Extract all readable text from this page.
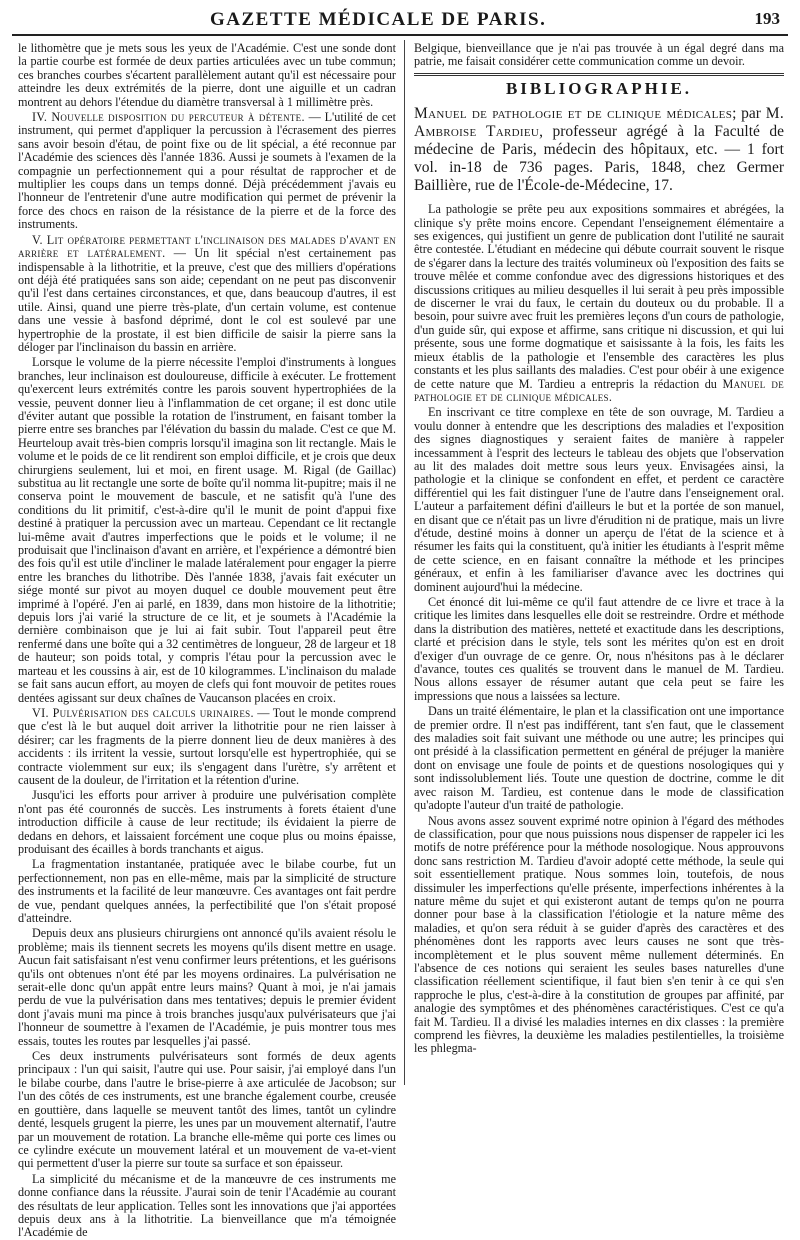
GAZETTE MÉDICALE DE PARIS.	193

le lithomètre que je mets sous les yeux de l'Académie. C'est une sonde dont la partie courbe est formée de deux parties articulées avec un tube commun; ces branches courbes s'écartent parallèlement autant qu'il est nécessaire pour atteindre les deux extrémités de la pierre, dont une aiguille et un cadran montrent au dehors l'étendue du diamètre transversal à 1 millimètre près.

IV. Nouvelle disposition du percuteur à détente. — L'utilité de cet instrument, qui permet d'appliquer la percussion à l'écrasement des pierres sans avoir besoin d'étau, de point fixe ou de lit spécial, a été reconnue par l'Académie des sciences dès l'année 1836. Aussi je soumets à l'examen de la compagnie un perfectionnement qui a pour résultat de rapprocher et de multiplier les coups dans un temps donné. Déjà précédemment j'avais eu l'honneur de l'entretenir d'une autre modification qui permet de prévenir la force des chocs en raison de la résistance de la pierre et de la force des instruments.

V. Lit opératoire permettant l'inclinaison des malades d'avant en arrière et latéralement. — Un lit spécial n'est certainement pas indispensable à la lithotritie, et la preuve, c'est que des milliers d'opérations ont déjà été pratiquées sans son aide; cependant on ne peut pas disconvenir qu'il l'est dans certaines circonstances, et que, dans beaucoup d'autres, il est utile. Ainsi, quand une pierre très-plate, d'un certain volume, est contenue dans une vessie à basfond déprimé, dont le col est soulevé par une hypertrophie de la prostate, il est bien difficile de saisir la pierre sans la déloger par l'inclinaison du bassin en arrière.

Lorsque le volume de la pierre nécessite l'emploi d'instruments à longues branches, leur inclinaison est douloureuse, difficile à exécuter. Le frottement qu'exercent leurs extrémités contre les parois souvent hypertrophiées de la vessie, peuvent donner lieu à l'inflammation de cet organe; il est donc utile d'éviter autant que possible la rotation de l'instrument, en faisant tomber la pierre entre ses branches par l'élévation du bassin du malade. C'est ce que M. Heurteloup avait très-bien compris lorsqu'il imagina son lit rectangle. Mais le volume et le poids de ce lit rendirent son emploi difficile, et je crois que deux chirurgiens seulement, lui et moi, en firent usage. M. Rigal (de Gaillac) substitua au lit rectangle une sorte de boîte qu'il nomma lit-pupitre; mais il ne conserva point le mouvement de bascule, et ne satisfit qu'à l'une des conditions du lit primitif, c'est-à-dire qu'il le munit de point d'appui fixe destiné à pratiquer la percussion avec un marteau. Cependant ce lit rectangle lui-même avait d'autres imperfections que le poids et le volume; il ne produisait que l'inclinaison d'avant en arrière, et l'expérience a démontré bien des fois qu'il est utile d'incliner le malade latéralement pour engager la pierre entre les branches du lithotribe. Dès l'année 1838, j'avais fait exécuter un siége monté sur pivot au moyen duquel ce double mouvement peut être imprimé à l'opéré. J'en ai parlé, en 1839, dans mon histoire de la lithotritie; depuis lors j'ai varié la structure de ce lit, et je soumets à l'Académie la dernière combinaison que je lui ai fait subir. Tout l'appareil peut être renfermé dans une boîte qui a 32 centimètres de longueur, 28 de largeur et 18 de hauteur; son poids total, y compris l'étau pour la percussion avec le marteau et les coussins à air, est de 10 kilogrammes. L'inclinaison du malade se fait sans aucun effort, au moyen de clefs qui font mouvoir de petites roues dentées agissant sur deux chaînes de Vaucanson placées en croix.

VI. Pulvérisation des calculs urinaires. — Tout le monde comprend que c'est là le but auquel doit arriver la lithotritie pour ne rien laisser à désirer; car les fragments de la pierre donnent lieu de deux manières à des accidents : ils irritent la vessie, surtout lorsqu'elle est hypertrophiée, qui se contracte violemment sur eux; ils s'engagent dans l'urètre, s'y arrêtent et causent de la douleur, de l'irritation et la rétention d'urine.

Jusqu'ici les efforts pour arriver à produire une pulvérisation complète n'ont pas été couronnés de succès. Les instruments à forets étaient d'une introduction difficile à cause de leur rectitude; ils évidaient la pierre de dedans en dehors, et laissaient forcément une coque plus ou moins épaisse, produisant des écailles à bords tranchants et aigus.

La fragmentation instantanée, pratiquée avec le bilabe courbe, fut un perfectionnement, non pas en elle-même, mais par la simplicité de structure des instruments et la facilité de leur manœuvre. Ces avantages ont fait perdre de vue, pendant quelques années, la perfectibilité que l'on s'était proposé d'atteindre.

Depuis deux ans plusieurs chirurgiens ont annoncé qu'ils avaient résolu le problème; mais ils tiennent secrets les moyens qu'ils disent mettre en usage. Aucun fait satisfaisant n'est venu confirmer leurs prétentions, et les guérisons qu'ils ont obtenues n'ont été par les moyens ordinaires. La pulvérisation ne serait-elle donc qu'un appât entre leurs mains? Quant à moi, je n'ai jamais perdu de vue la pulvérisation dans mes tentatives; depuis le premier évident dont j'avais muni ma pince à trois branches jusqu'aux pulvérisateurs que j'ai l'honneur de soumettre à l'examen de l'Académie, je puis montrer tous mes essais, toutes les routes par lesquelles j'ai passé.

Ces deux instruments pulvérisateurs sont formés de deux agents principaux : l'un qui saisit, l'autre qui use. Pour saisir, j'ai employé dans l'un le bilabe courbe, dans l'autre le brise-pierre à axe articulée de Jacobson; sur l'un des côtés de ces instruments, est une branche également courbe, creusée en gouttière, dans laquelle se meuvent tantôt des limes, tantôt un cylindre denté, lesquels grugent la pierre, les unes par un mouvement alternatif, l'autre par un mouvement de rotation. La branche elle-même qui porte ces limes ou ce cylindre exécute un mouvement latéral et un mouvement de va-et-vient qui permettent d'user la pierre sur toute sa surface et son épaisseur.

La simplicité du mécanisme et de la manœuvre de ces instruments me donne confiance dans la réussite. J'aurai soin de tenir l'Académie au courant des résultats de leur application. Telles sont les innovations que j'ai apportées depuis deux ans à la lithotritie. La bienveillance que m'a témoignée l'Académie de

Belgique, bienveillance que je n'ai pas trouvée à un égal degré dans ma patrie, me faisait considérer cette communication comme un devoir.

BIBLIOGRAPHIE.

Manuel de pathologie et de clinique médicales; par M. Ambroise Tardieu, professeur agrégé à la Faculté de médecine de Paris, médecin des hôpitaux, etc. — 1 fort vol. in-18 de 736 pages. Paris, 1848, chez Germer Baillière, rue de l'École-de-Médecine, 17.

La pathologie se prête peu aux expositions sommaires et abrégées, la clinique s'y prête moins encore. Cependant l'enseignement élémentaire a ses exigences, qui justifient un genre de publication dont l'utilité ne saurait être contestée. L'étudiant en médecine qui débute courrait souvent le risque de s'égarer dans la lecture des traités volumineux où l'exposition des faits se trouve mêlée et comme confondue avec des digressions historiques et des discussions critiques au milieu desquelles il lui serait à peu près impossible de discerner le vrai du faux, le certain du douteux ou du probable. Il a besoin, pour suivre avec fruit les premières leçons d'un cours de pathologie, d'un guide sûr, qui expose et affirme, sans critique ni discussion, et qui lui présente, sous une forme dogmatique et saisissante à la fois, les faits les mieux établis de la pathologie et l'ensemble des caractères les plus constants et les plus saillants des maladies. C'est pour obéir à une exigence de cette nature que M. Tardieu a entrepris la rédaction du Manuel de pathologie et de clinique médicales.

En inscrivant ce titre complexe en tête de son ouvrage, M. Tardieu a voulu donner à entendre que les descriptions des maladies et l'exposition des signes diagnostiques y seraient faites de manière à rappeler incessamment à l'esprit des lecteurs le tableau des objets que l'observation au lit des malades doit mettre sous leurs yeux. Envisagées ainsi, la pathologie et la clinique se confondent en effet, et perdent ce caractère différentiel qui les fait distinguer l'une de l'autre dans l'enseignement oral. L'auteur a parfaitement défini d'ailleurs le but et la portée de son manuel, en disant que ce n'était pas un livre d'érudition ni de pratique, mais un livre d'étude, destiné moins à donner un aperçu de l'état de la science et à résumer les faits qui la constituent, qu'à initier les étudiants à l'esprit même de cette science, en en faisant connaître la méthode et les principes généraux, et enfin à les familiariser d'avance avec les doctrines qui dominent aujourd'hui la médecine.

Cet énoncé dit lui-même ce qu'il faut attendre de ce livre et trace à la critique les limites dans lesquelles elle doit se restreindre. Ordre et méthode dans la distribution des matières, netteté et exactitude dans les descriptions, clarté et précision dans le style, tels sont les mérites qu'on est en droit d'exiger d'un ouvrage de ce genre. Or, nous n'hésitons pas à le déclarer d'avance, toutes ces qualités se trouvent dans le manuel de M. Tardieu. Nous allons essayer de résumer autant que cela peut se faire les impressions que nous a laissées sa lecture.

Dans un traité élémentaire, le plan et la classification ont une importance de premier ordre. Il n'est pas indifférent, tant s'en faut, que le classement des maladies soit fait suivant une méthode ou une autre; les principes qui ont présidé à la classification permettent en général de préjuger la manière dont on envisage une foule de points et de questions nosologiques qui y sont indissolublement liés. Toute une question de doctrine, comme le dit avec raison M. Tardieu, est contenue dans le mode de classification qu'adopte l'auteur d'un traité de pathologie.

Nous avons assez souvent exprimé notre opinion à l'égard des méthodes de classification, pour que nous puissions nous dispenser de rappeler ici les motifs de notre préférence pour la méthode nosologique. Nous approuvons donc sans restriction M. Tardieu d'avoir adopté cette méthode, la seule qui soit essentiellement pratique. Nous sommes loin, toutefois, de nous dissimuler les imperfections qu'elle présente, imperfections inhérentes à la nature même du sujet et qui existeront autant de temps qu'on ne pourra donner pour base à la classification l'étiologie et la nature même des maladies, et qu'on sera réduit à se guider d'après des caractères et des phénomènes dont les rapports avec leurs causes ne sont que très-incomplètement et le plus souvent même nullement déterminés. En l'absence de ces notions qui seraient les seules bases naturelles d'une classification réellement scientifique, il faut bien s'en tenir à ce qui s'en rapproche le plus, c'est-à-dire à la constitution de groupes par affinité, par analogie des symptômes et des phénomènes caractéristiques. C'est ce qu'a fait M. Tardieu. Il a divisé les maladies internes en dix classes : la première comprend les fièvres, la deuxième les maladies pestilentielles, la troisième les phlegma-
